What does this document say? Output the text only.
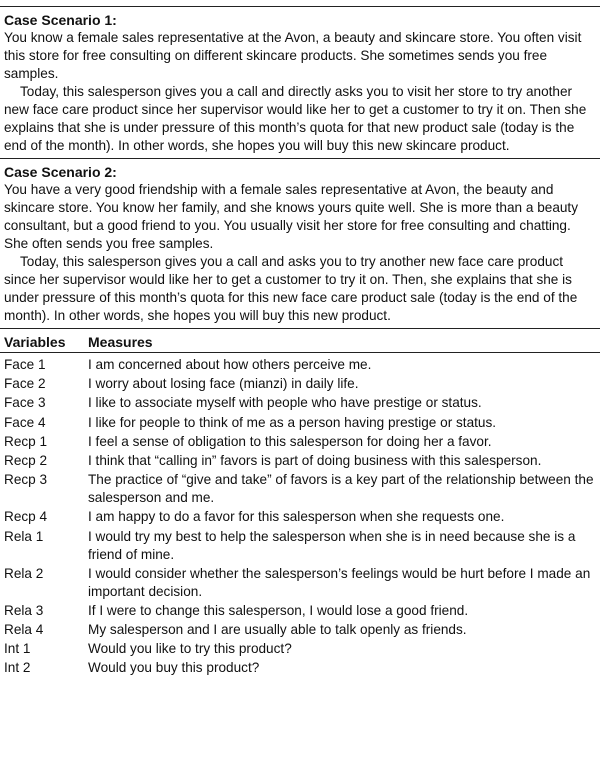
Case Scenario 1:

You know a female sales representative at the Avon, a beauty and skincare store. You often visit this store for free consulting on different skincare products. She sometimes sends you free samples.

Today, this salesperson gives you a call and directly asks you to visit her store to try another new face care product since her supervisor would like her to get a customer to try it on. Then she explains that she is under pressure of this month’s quota for that new product sale (today is the end of the month). In other words, she hopes you will buy this new skincare product.

Case Scenario 2:

You have a very good friendship with a female sales representative at Avon, the beauty and skincare store. You know her family, and she knows yours quite well. She is more than a beauty consultant, but a good friend to you. You usually visit her store for free consulting and chatting. She often sends you free samples.

Today, this salesperson gives you a call and asks you to try another new face care product since her supervisor would like her to get a customer to try it on. Then, she explains that she is under pressure of this month’s quota for this new face care product sale (today is the end of the month). In other words, she hopes you will buy this new product.

Variables	Measures

Face 1	I am concerned about how others perceive me.
Face 2	I worry about losing face (mianzi) in daily life.
Face 3	I like to associate myself with people who have prestige or status.
Face 4	I like for people to think of me as a person having prestige or status.
Recp 1	I feel a sense of obligation to this salesperson for doing her a favor.
Recp 2	I think that “calling in” favors is part of doing business with this salesperson.
Recp 3	The practice of “give and take” of favors is a key part of the relationship between the salesperson and me.
Recp 4	I am happy to do a favor for this salesperson when she requests one.
Rela 1	I would try my best to help the salesperson when she is in need because she is a friend of mine.
Rela 2	I would consider whether the salesperson’s feelings would be hurt before I made an important decision.
Rela 3	If I were to change this salesperson, I would lose a good friend.
Rela 4	My salesperson and I are usually able to talk openly as friends.
Int 1	Would you like to try this product?
Int 2	Would you buy this product?
